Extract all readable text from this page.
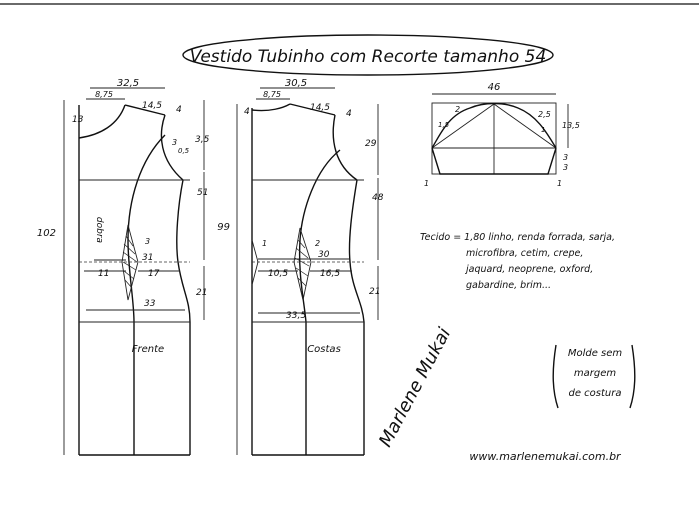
Vestido Tubinho com Recorte tamanho 54
32,5
8,75
14,5 4
13
3
0,5
3
31
11	17
33
dobra
Frente
102
3,5
51
21
30,5
8,75
14,5
4
4
1	2
30
10,5	16,5
33,5
Costas
99
29
48
21
46
2
2,5
1,5
1 13,5
3
3
1	1
Tecido = 1,80 linho, renda forrada, sarja,
microfibra, cetim, crepe,
jaquard, neoprene, oxford,
gabardine, brim...
Molde sem
margem
de costura
Marlene Mukai
www.marlenemukai.com.br
